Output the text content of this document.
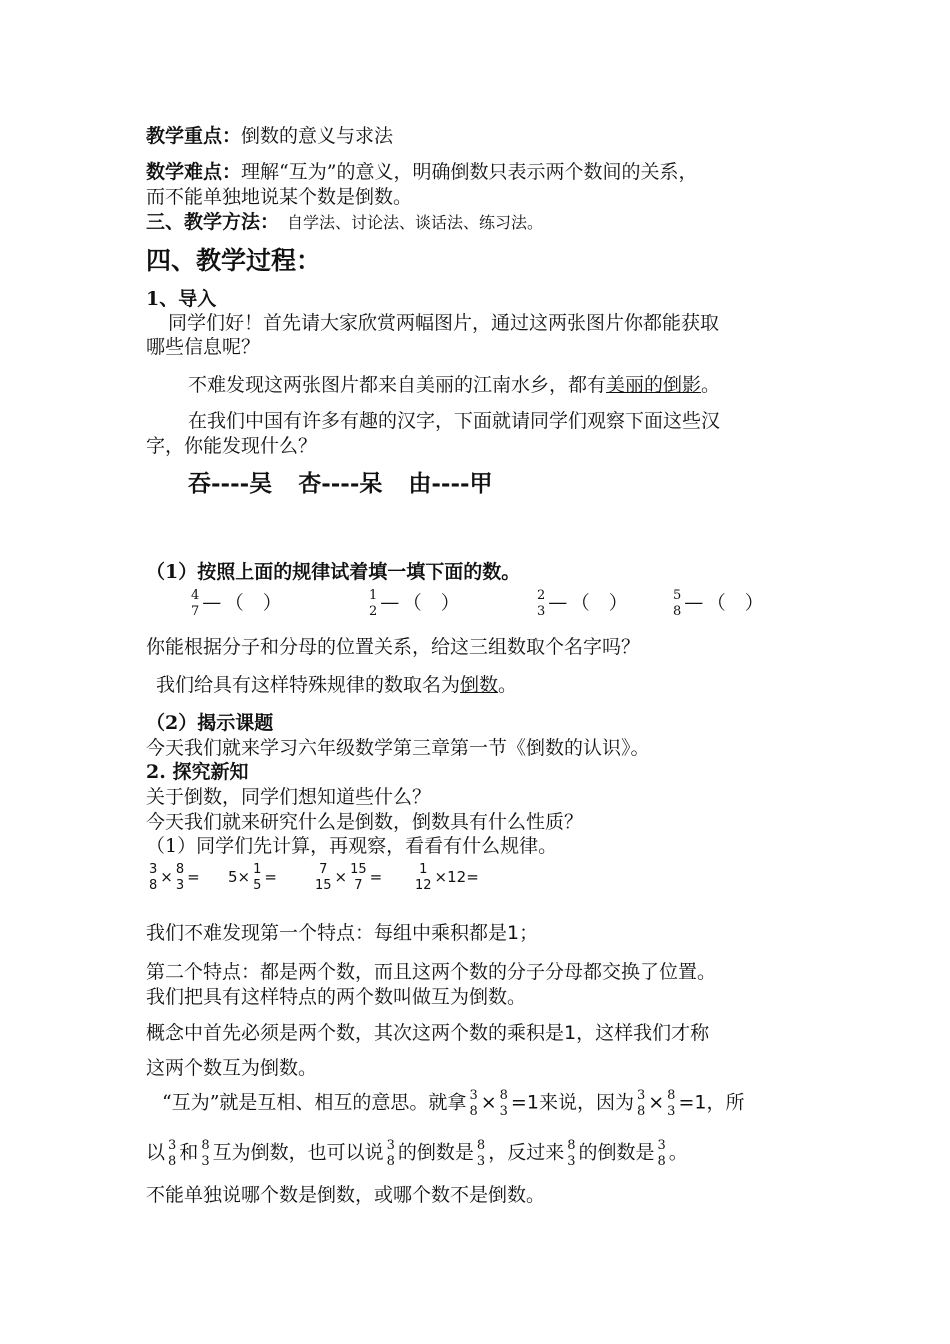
教学重点：倒数的意义与求法
数学难点：理解“互为”的意义，明确倒数只表示两个数间的关系，
而不能单独地说某个数是倒数。
三、教学方法： 自学法、讨论法、谈话法、练习法。
四、教学过程：
1、导入
同学们好！首先请大家欣赏两幅图片，通过这两张图片你都能获取
哪些信息呢？
不难发现这两张图片都来自美丽的江南水乡，都有美丽的倒影。
在我们中国有许多有趣的汉字，下面就请同学们观察下面这些汉
字，你能发现什么？
吞----吴 杏----呆 由----甲
（1）按照上面的规律试着填一填下面的数。
4
7 — （　）	1
2 — （　）	2
3 — （　）	5
8 — （　）
你能根据分子和分母的位置关系，给这三组数取个名字吗？
我们给具有这样特殊规律的数取名为倒数。
（2）揭示课题
今天我们就来学习六年级数学第三章第一节《倒数的认识》。
2. 探究新知
关于倒数，同学们想知道些什么？
今天我们就来研究什么是倒数，倒数具有什么性质？
（1）同学们先计算，再观察，看看有什么规律。
3
8 × 8
3 = 5× 1
5 =	7
15 × 15
7 =	1
12 ×12=
我们不难发现第一个特点：每组中乘积都是1；
第二个特点：都是两个数，而且这两个数的分子分母都交换了位置。
我们把具有这样特点的两个数叫做互为倒数。
概念中首先必须是两个数，其次这两个数的乘积是1，这样我们才称
这两个数互为倒数。
“互为”就是互相、相互的意思。就拿 3
8 × 8
3 =1来说，因为 3
8 × 8
3 =1，所
以 3
8 和 8
3 互为倒数，也可以说 3
8 的倒数是 8
3 ，反过来 8
3 的倒数是 3
8 。
不能单独说哪个数是倒数，或哪个数不是倒数。
